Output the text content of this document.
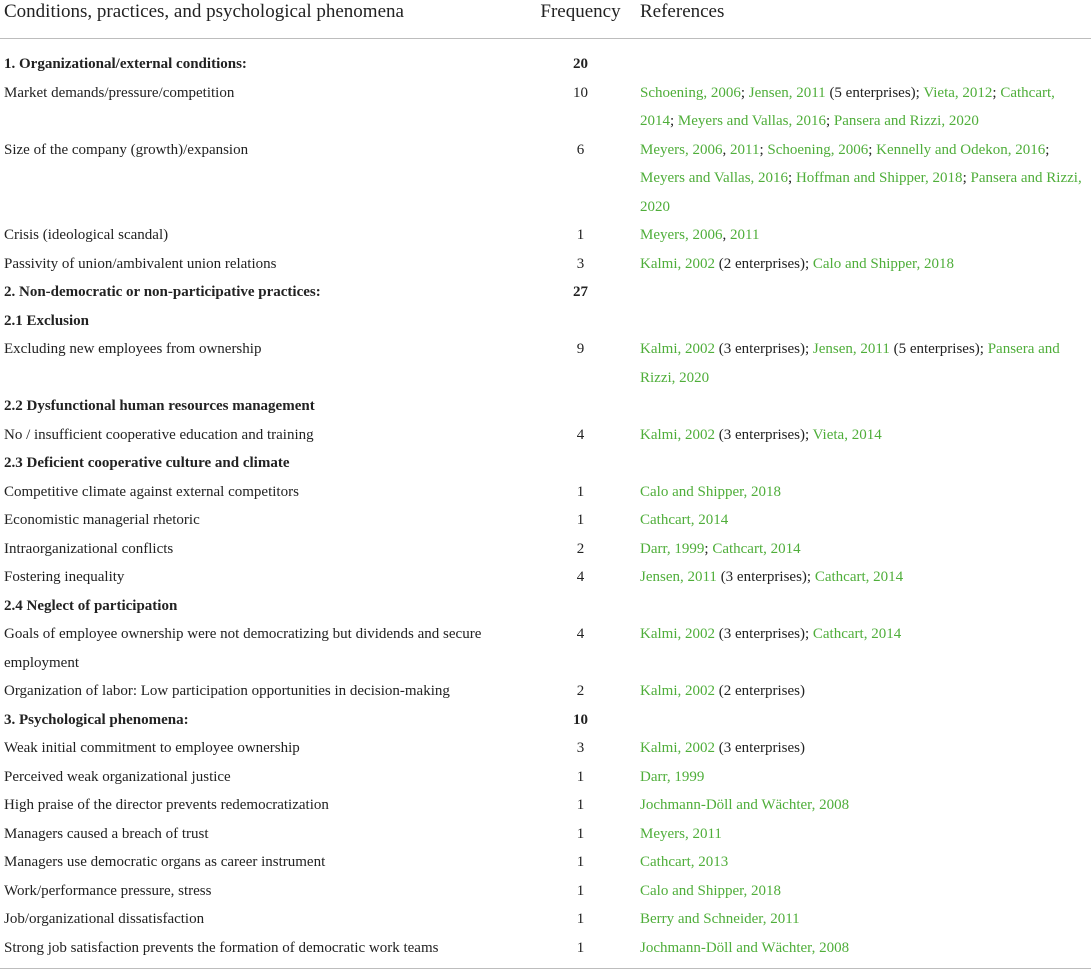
Conditions, practices, and psychological phenomena	Frequency	References
1. Organizational/external conditions:	20	
Market demands/pressure/competition	10	Schoening, 2006; Jensen, 2011 (5 enterprises); Vieta, 2012; Cathcart, 2014; Meyers and Vallas, 2016; Pansera and Rizzi, 2020
Size of the company (growth)/expansion	6	Meyers, 2006, 2011; Schoening, 2006; Kennelly and Odekon, 2016; Meyers and Vallas, 2016; Hoffman and Shipper, 2018; Pansera and Rizzi, 2020
Crisis (ideological scandal)	1	Meyers, 2006, 2011
Passivity of union/ambivalent union relations	3	Kalmi, 2002 (2 enterprises); Calo and Shipper, 2018
2. Non-democratic or non-participative practices:	27	
2.1 Exclusion		
Excluding new employees from ownership	9	Kalmi, 2002 (3 enterprises); Jensen, 2011 (5 enterprises); Pansera and Rizzi, 2020
2.2 Dysfunctional human resources management		
No / insufficient cooperative education and training	4	Kalmi, 2002 (3 enterprises); Vieta, 2014
2.3 Deficient cooperative culture and climate		
Competitive climate against external competitors	1	Calo and Shipper, 2018
Economistic managerial rhetoric	1	Cathcart, 2014
Intraorganizational conflicts	2	Darr, 1999; Cathcart, 2014
Fostering inequality	4	Jensen, 2011 (3 enterprises); Cathcart, 2014
2.4 Neglect of participation		
Goals of employee ownership were not democratizing but dividends and secure employment	4	Kalmi, 2002 (3 enterprises); Cathcart, 2014
Organization of labor: Low participation opportunities in decision-making	2	Kalmi, 2002 (2 enterprises)
3. Psychological phenomena:	10	
Weak initial commitment to employee ownership	3	Kalmi, 2002 (3 enterprises)
Perceived weak organizational justice	1	Darr, 1999
High praise of the director prevents redemocratization	1	Jochmann-Döll and Wächter, 2008
Managers caused a breach of trust	1	Meyers, 2011
Managers use democratic organs as career instrument	1	Cathcart, 2013
Work/performance pressure, stress	1	Calo and Shipper, 2018
Job/organizational dissatisfaction	1	Berry and Schneider, 2011
Strong job satisfaction prevents the formation of democratic work teams	1	Jochmann-Döll and Wächter, 2008
